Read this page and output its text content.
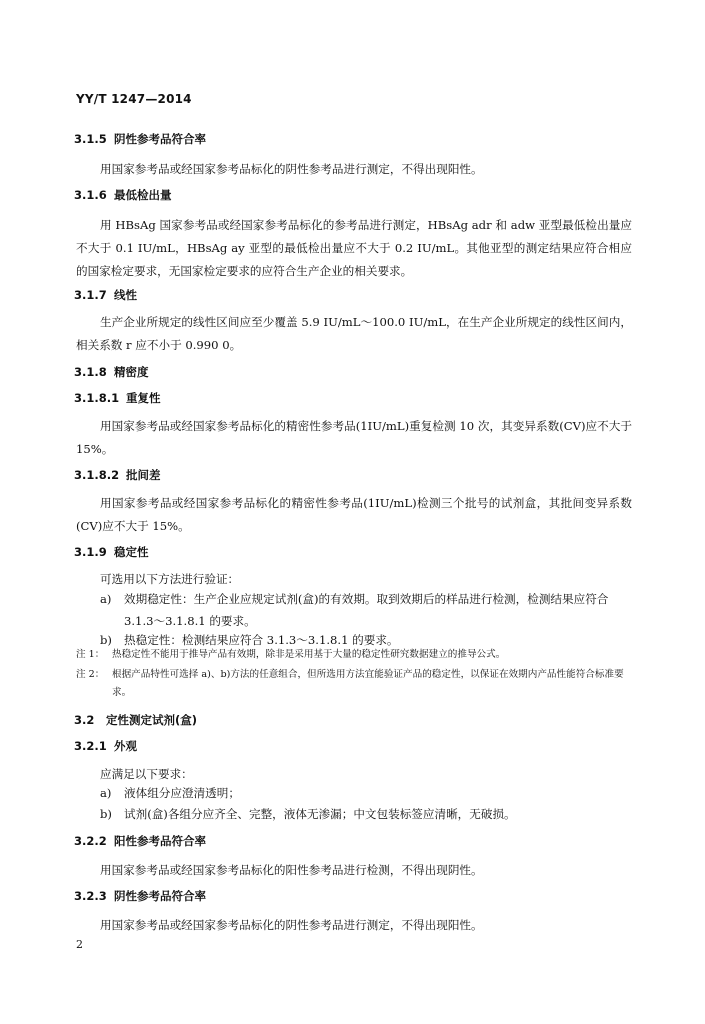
YY/T 1247—2014
3.1.5 阴性参考品符合率
用国家参考品或经国家参考品标化的阴性参考品进行测定，不得出现阳性。
3.1.6 最低检出量
用 HBsAg 国家参考品或经国家参考品标化的参考品进行测定，HBsAg adr 和 adw 亚型最低检出量应不大于 0.1 IU/mL，HBsAg ay 亚型的最低检出量应不大于 0.2 IU/mL。其他亚型的测定结果应符合相应的国家检定要求，无国家检定要求的应符合生产企业的相关要求。
3.1.7 线性
生产企业所规定的线性区间应至少覆盖 5.9 IU/mL～100.0 IU/mL，在生产企业所规定的线性区间内，相关系数 r 应不小于 0.990 0。
3.1.8 精密度
3.1.8.1 重复性
用国家参考品或经国家参考品标化的精密性参考品(1IU/mL)重复检测 10 次，其变异系数(CV)应不大于 15%。
3.1.8.2 批间差
用国家参考品或经国家参考品标化的精密性参考品(1IU/mL)检测三个批号的试剂盒，其批间变异系数(CV)应不大于 15%。
3.1.9 稳定性
可选用以下方法进行验证：
a) 效期稳定性：生产企业应规定试剂(盒)的有效期。取到效期后的样品进行检测，检测结果应符合 3.1.3～3.1.8.1 的要求。
b) 热稳定性：检测结果应符合 3.1.3～3.1.8.1 的要求。
注 1： 热稳定性不能用于推导产品有效期，除非是采用基于大量的稳定性研究数据建立的推导公式。
注 2： 根据产品特性可选择 a)、b)方法的任意组合，但所选用方法宜能验证产品的稳定性，以保证在效期内产品性能符合标准要求。
3.2 定性测定试剂(盒)
3.2.1 外观
应满足以下要求：
a) 液体组分应澄清透明；
b) 试剂(盒)各组分应齐全、完整，液体无渗漏；中文包装标签应清晰，无破损。
3.2.2 阳性参考品符合率
用国家参考品或经国家参考品标化的阳性参考品进行检测，不得出现阴性。
3.2.3 阴性参考品符合率
用国家参考品或经国家参考品标化的阴性参考品进行测定，不得出现阳性。
2
